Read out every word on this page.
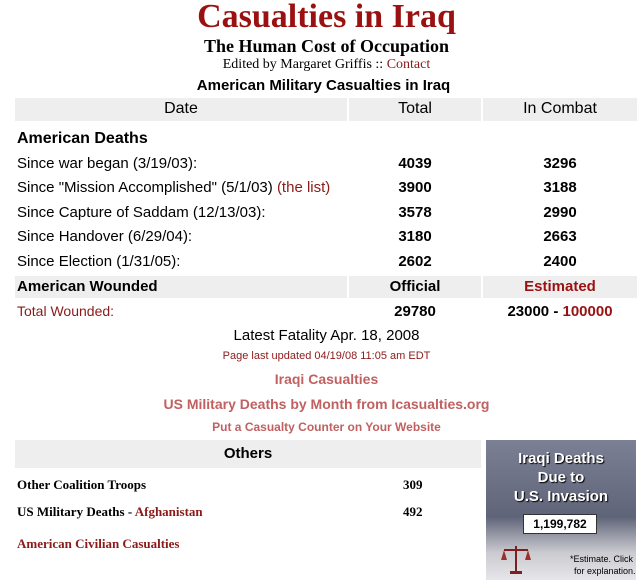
Casualties in Iraq
The Human Cost of Occupation
Edited by Margaret Griffis :: Contact
American Military Casualties in Iraq
Date	Total	In Combat
American Deaths
Since war began (3/19/03):	4039	3296
Since "Mission Accomplished" (5/1/03) (the list)	3900	3188
Since Capture of Saddam (12/13/03):	3578	2990
Since Handover (6/29/04):	3180	2663
Since Election (1/31/05):	2602	2400
American Wounded	Official	Estimated
Total Wounded:	29780	23000 - 100000
Latest Fatality Apr. 18, 2008
Page last updated 04/19/08 11:05 am EDT
Iraqi Casualties
US Military Deaths by Month from Icasualties.org
Put a Casualty Counter on Your Website
Others
Other Coalition Troops	309
US Military Deaths - Afghanistan	492
American Civilian Casualties
Iraqi Deaths
Due to
U.S. Invasion
1,199,782
*Estimate. Click
for explanation.
